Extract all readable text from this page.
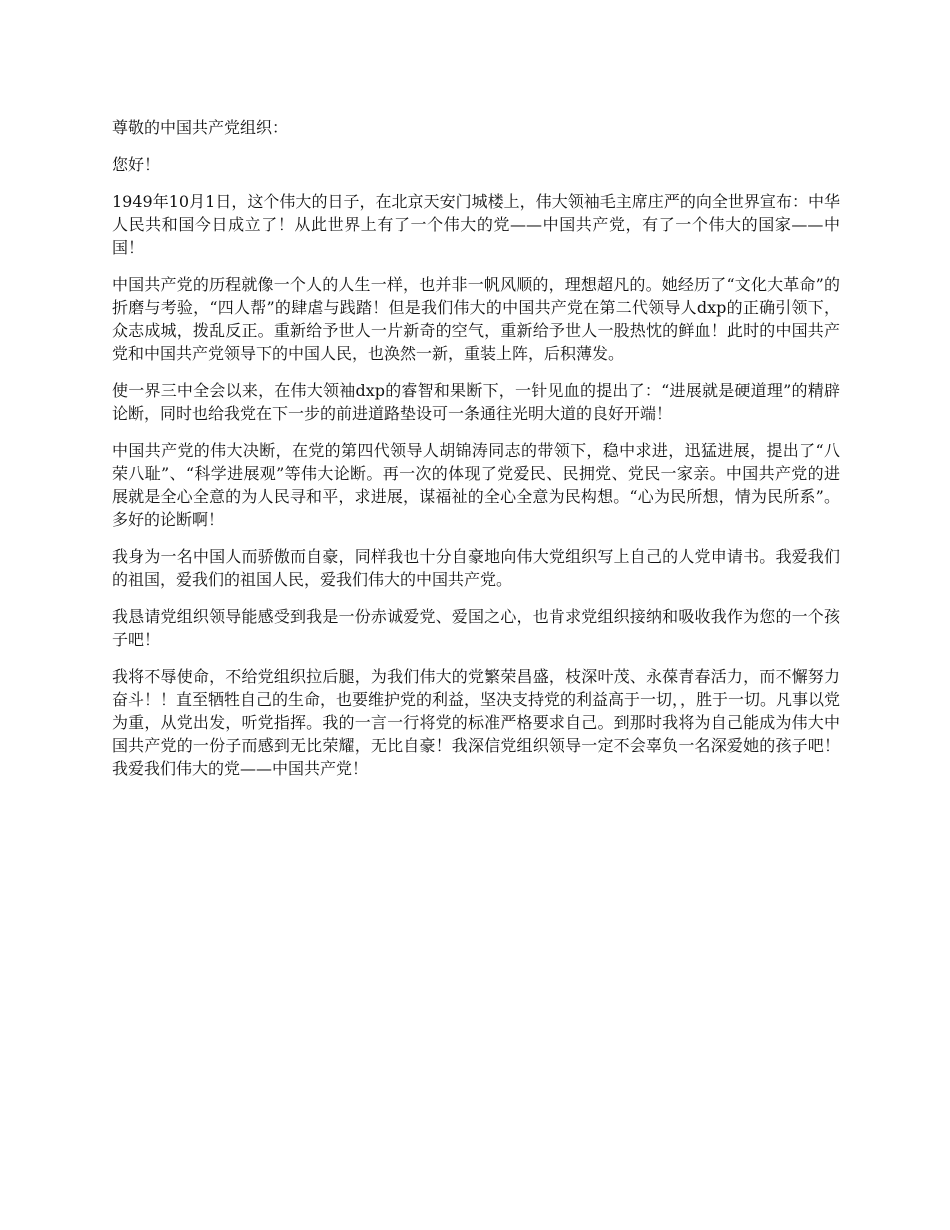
尊敬的中国共产党组织：

您好！

1949年10月1日，这个伟大的日子，在北京天安门城楼上，伟大领袖毛主席庄严的向全世界宣布：中华人民共和国今日成立了！从此世界上有了一个伟大的党——中国共产党，有了一个伟大的国家——中国！

中国共产党的历程就像一个人的人生一样，也并非一帆风顺的，理想超凡的。她经历了“文化大革命”的折磨与考验，“四人帮”的肆虐与践踏！但是我们伟大的中国共产党在第二代领导人dxp的正确引领下，众志成城，拨乱反正。重新给予世人一片新奇的空气，重新给予世人一股热忱的鲜血！此时的中国共产党和中国共产党领导下的中国人民，也涣然一新，重装上阵，后积薄发。

使一界三中全会以来，在伟大领袖dxp的睿智和果断下，一针见血的提出了：“进展就是硬道理”的精辟论断，同时也给我党在下一步的前进道路垫设可一条通往光明大道的良好开端！

中国共产党的伟大决断，在党的第四代领导人胡锦涛同志的带领下，稳中求进，迅猛进展，提出了“八荣八耻”、“科学进展观”等伟大论断。再一次的体现了党爱民、民拥党、党民一家亲。中国共产党的进展就是全心全意的为人民寻和平，求进展，谋福祉的全心全意为民构想。“心为民所想，情为民所系”。多好的论断啊！

我身为一名中国人而骄傲而自豪，同样我也十分自豪地向伟大党组织写上自己的人党申请书。我爱我们的祖国，爱我们的祖国人民，爱我们伟大的中国共产党。

我恳请党组织领导能感受到我是一份赤诚爱党、爱国之心，也肯求党组织接纳和吸收我作为您的一个孩子吧！

我将不辱使命，不给党组织拉后腿，为我们伟大的党繁荣昌盛，枝深叶茂、永葆青春活力，而不懈努力奋斗！！直至牺牲自己的生命，也要维护党的利益，坚决支持党的利益高于一切，，胜于一切。凡事以党为重，从党出发，听党指挥。我的一言一行将党的标准严格要求自己。到那时我将为自己能成为伟大中国共产党的一份子而感到无比荣耀，无比自豪！我深信党组织领导一定不会辜负一名深爱她的孩子吧！我爱我们伟大的党——中国共产党！
